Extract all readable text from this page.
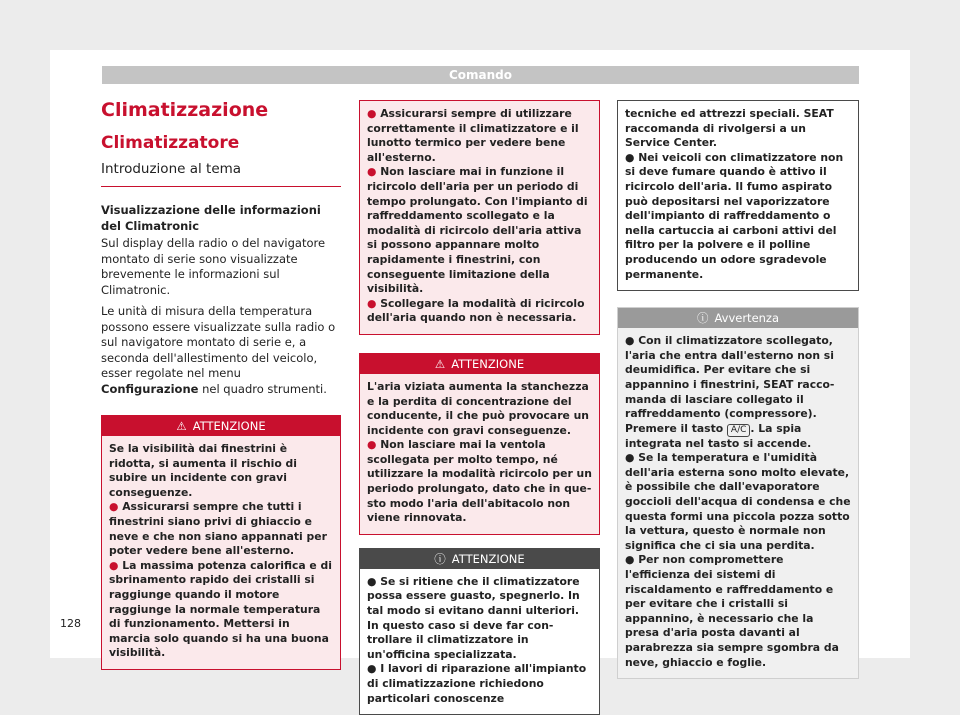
Comando
Climatizzazione
Climatizzatore
Introduzione al tema

Visualizzazione delle informazioni del Climatronic

Sul display della radio o del navigatore montato di serie sono visualizzate brevemente le informazioni sul Climatronic.

Le unità di misura della temperatura possono essere visualizzate sulla radio o sul navigatore montato di serie e, a seconda dell'allestimento del veicolo, esser regolate nel menu Configurazione nel quadro strumenti.

⚠ ATTENZIONE

Se la visibilità dai finestrini è ridotta, si aumenta il rischio di subire un incidente con gravi conseguenze.

● Assicurarsi sempre che tutti i finestrini siano privi di ghiaccio e neve e che non siano appannati per poter vedere bene all'esterno.

● La massima potenza calorifica e di sbrinamento rapido dei cristalli si raggiunge quando il motore raggiunge la normale temperatura di funzionamento. Mettersi in marcia solo quando si ha una buona visibilità.

● Assicurarsi sempre di utilizzare correttamente il climatizzatore e il lunotto termico per vedere bene all'esterno.

● Non lasciare mai in funzione il ricircolo dell'aria per un periodo di tempo prolungato. Con l'impianto di raffreddamento scollegato e la modalità di ricircolo dell'aria attiva si possono appannare molto rapidamente i finestrini, con conseguente limitazione della visibilità.

● Scollegare la modalità di ricircolo dell'aria quando non è necessaria.

⚠ ATTENZIONE

L'aria viziata aumenta la stanchezza e la perdita di concentrazione del conducente, il che può provocare un incidente con gravi conseguenze.

● Non lasciare mai la ventola scollegata per molto tempo, né utilizzare la modalità ricircolo per un periodo prolungato, dato che in questo modo l'aria dell'abitacolo non viene rinnovata.

ⓘ ATTENZIONE

● Se si ritiene che il climatizzatore possa essere guasto, spegnerlo. In tal modo si evitano danni ulteriori. In questo caso si deve far controllare il climatizzatore in un'officina specializzata.

● I lavori di riparazione all'impianto di climatizzazione richiedono particolari conoscenze

tecniche ed attrezzi speciali. SEAT raccomanda di rivolgersi a un Service Center.

● Nei veicoli con climatizzatore non si deve fumare quando è attivo il ricircolo dell'aria. Il fumo aspirato può depositarsi nel vaporizzatore dell'impianto di raffreddamento o nella cartuccia ai carboni attivi del filtro per la polvere e il polline producendo un odore sgradevole permanente.

ⓘ Avvertenza

● Con il climatizzatore scollegato, l'aria che entra dall'esterno non si deumidifica. Per evitare che si appannino i finestrini, SEAT raccomanda di lasciare collegato il raffreddamento (compressore). Premere il tasto A/C . La spia integrata nel tasto si accende.

● Se la temperatura e l'umidità dell'aria esterna sono molto elevate, è possibile che dall'evaporatore goccioli dell'acqua di condensa e che questa formi una piccola pozza sotto la vettura, questo è normale non significa che ci sia una perdita.

● Per non compromettere l'efficienza dei sistemi di riscaldamento e raffreddamento e per evitare che i cristalli si appannino, è necessario che la presa d'aria posta davanti al parabrezza sia sempre sgombra da neve, ghiaccio e foglie.

128
